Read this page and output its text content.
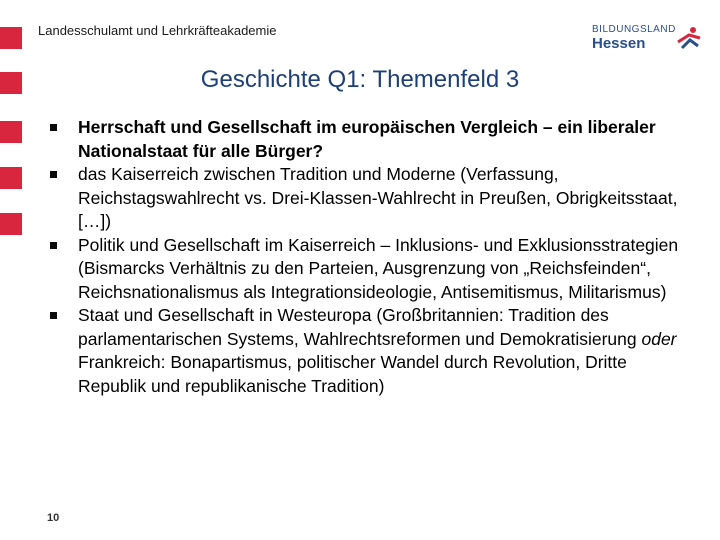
Landesschulamt und Lehrkräfteakademie	BILDUNGSLAND
Hessen
Geschichte Q1: Themenfeld 3
Herrschaft und Gesellschaft im europäischen Vergleich – ein liberaler Nationalstaat für alle Bürger?
das Kaiserreich zwischen Tradition und Moderne (Verfassung, Reichstagswahlrecht vs. Drei-Klassen-Wahlrecht in Preußen, Obrigkeitsstaat, […])
Politik und Gesellschaft im Kaiserreich – Inklusions- und Exklusionsstrategien (Bismarcks Verhältnis zu den Parteien, Ausgrenzung von „Reichsfeinden“, Reichsnationalismus als Integrationsideologie, Antisemitismus, Militarismus)
Staat und Gesellschaft in Westeuropa (Großbritannien: Tradition des parlamentarischen Systems, Wahlrechtsreformen und Demokratisierung oder Frankreich: Bonapartismus, politischer Wandel durch Revolution, Dritte Republik und republikanische Tradition)
10
